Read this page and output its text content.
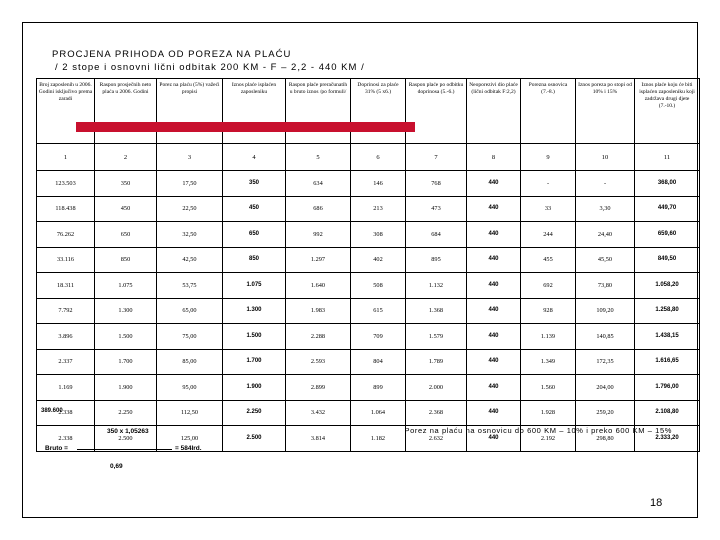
PROCJENA PRIHODA OD POREZA NA PLAĆU
/ 2 stope i osnovni lični odbitak 200 KM - F – 2,2 - 440 KM /
Broj zaposlenih u 2006. Godini isključivo prema zaradi	Raspon prosječnih neto plaća u 2006. Godini	Porez na plaću (5%) važeći propisi	Iznos plaće isplaćen zaposleniku	Raspon plaće preračunatih u bruto iznos /po formuli/	Doprinosi za plaće 31% (5 x6.)	Raspon plaće po odbitku doprinosa (5.-6.)	Neoporezivi dio plaće (lični odbitak F:2,2)	Porezna osnovica (7.-8.)	Iznos poreza po stopi od 10% i 15%	Iznos plaće koju će biti isplaćen zaposleniku koji zadržava drugi djete (7.-10.)
1	2	3	4	5	6	7	8	9	10	11
123.503	350	17,50	350	634	146	768	440	-	-	368,00
118.438	450	22,50	450	686	213	473	440	33	3,30	449,70
76.262	650	32,50	650	992	308	684	440	244	24,40	659,60
33.116	850	42,50	850	1.297	402	895	440	455	45,50	849,50
18.311	1.075	53,75	1.075	1.640	508	1.132	440	692	73,80	1.058,20
7.792	1.300	65,00	1.300	1.983	615	1.368	440	928	109,20	1.258,80
3.896	1.500	75,00	1.500	2.288	709	1.579	440	1.139	140,85	1.438,15
2.337	1.700	85,00	1.700	2.593	804	1.789	440	1.349	172,35	1.616,65
1.169	1.900	95,00	1.900	2.899	899	2.000	440	1.560	204,00	1.796,00
2.338	2.250	112,50	2.250	3.432	1.064	2.368	440	1.928	259,20	2.108,80
2.338	2.500	125,00	2.500	3.814	1.182	2.632	440	2.192	298,80	2.333,20
389.600
Porez na plaću na osnovicu do 600 KM – 10% i preko 600 KM – 15%
350 x 1,05263
Bruto =	= 584Ird.
0,69
18
